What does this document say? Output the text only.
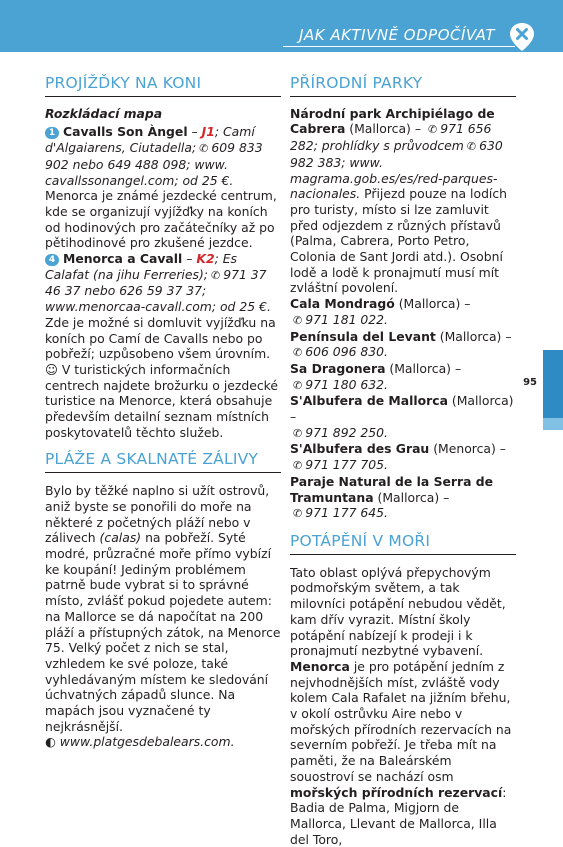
JAK AKTIVNĚ ODPOČÍVAT
PROJÍŽĎKY NA KONI
Rozkládací mapa

1 Cavalls Son Àngel – J1; Camí d'Algaiarens, Ciutadella; ✆ 609 833 902 nebo 649 488 098; www. cavallssonangel.com; od 25 €. Menorca je známé jezdecké centrum, kde se organizují vyjížďky na koních od hodinových pro začátečníky až po pětihodinové pro zkušené jezdce.

4 Menorca a Cavall – K2; Es Calafat (na jihu Ferreries); ✆ 971 37 46 37 nebo 626 59 37 37; www.menorcaa-cavall.com; od 25 €. Zde je možné si domluvit vyjížďku na koních po Camí de Cavalls nebo po pobřeží; uzpůsobeno všem úrovním.

☺ V turistických informačních centrech najdete brožurku o jezdecké turistice na Menorce, která obsahuje především detailní seznam místních poskytovatelů těchto služeb.

PLÁŽE A SKALNATÉ ZÁLIVY

Bylo by těžké naplno si užít ostrovů, aniž byste se ponořili do moře na některé z početných pláží nebo v zálivech (calas) na pobřeží. Syté modré, průzračné moře přímo vybízí ke koupání! Jediným problémem patrně bude vybrat si to správné místo, zvlášť pokud pojedete autem: na Mallorce se dá napočítat na 200 pláží a přístupných zátok, na Menorce 75. Velký počet z nich se stal, vzhledem ke své poloze, také vyhledávaným místem ke sledování úchvatných západů slunce. Na mapách jsou vyznačené ty nejkrásnější.

◐ www.platgesdebalears.com.

PŘÍRODNÍ PARKY

Národní park Archipiélago de Cabrera (Mallorca) – ✆ 971 656 282; prohlídky s průvodcem ✆ 630 982 383; www. magrama.gob.es/es/red-parques-nacionales. Přijezd pouze na lodích pro turisty, místo si lze zamluvit před odjezdem z různých přístavů (Palma, Cabrera, Porto Petro, Colonia de Sant Jordi atd.). Osobní lodě a lodě k pronajmutí musí mít zvláštní povolení.

Cala Mondragó (Mallorca) –
✆ 971 181 022.

Península del Levant (Mallorca) –
✆ 606 096 830.

Sa Dragonera (Mallorca) –
✆ 971 180 632.

S'Albufera de Mallorca (Mallorca) –
✆ 971 892 250.

S'Albufera des Grau (Menorca) –
✆ 971 177 705.

Paraje Natural de la Serra de Tramuntana (Mallorca) –
✆ 971 177 645.

POTÁPĚNÍ V MOŘI

Tato oblast oplývá přepychovým podmořským světem, a tak milovníci potápění nebudou vědět, kam dřív vyrazit. Místní školy potápění nabízejí k prodeji i k pronajmutí nezbytné vybavení. Menorca je pro potápění jedním z nejvhodnějších míst, zvláště vody kolem Cala Rafalet na jižním břehu, v okolí ostrůvku Aire nebo v mořských přírodních rezervacích na severním pobřeží. Je třeba mít na paměti, že na Baleárském souostroví se nachází osm mořských přírodních rezervací: Badia de Palma, Migjorn de Mallorca, Llevant de Mallorca, Illa del Toro,

95
